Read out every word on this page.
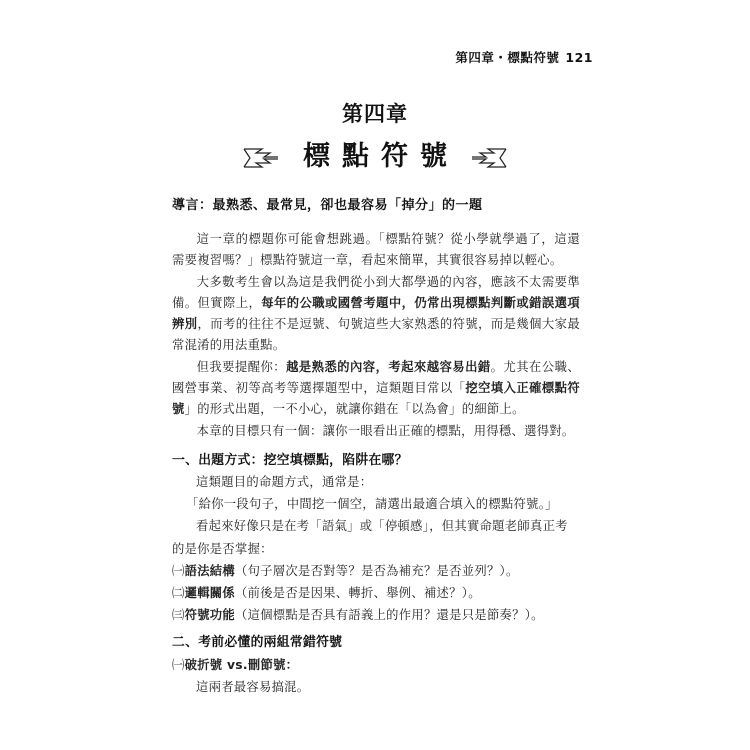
第四章・標點符號 121
第四章
標點符號
導言：最熟悉、最常見，卻也最容易「掉分」的一題

這一章的標題你可能會想跳過。「標點符號？從小學就學過了，這還需要複習嗎？」標點符號這一章，看起來簡單，其實很容易掉以輕心。

大多數考生會以為這是我們從小到大都學過的內容，應該不太需要準備。但實際上，每年的公職或國營考題中，仍常出現標點判斷或錯誤選項辨別，而考的往往不是逗號、句號這些大家熟悉的符號，而是幾個大家最常混淆的用法重點。

但我要提醒你：越是熟悉的內容，考起來越容易出錯。尤其在公職、國營事業、初等高考等選擇題型中，這類題目常以「挖空填入正確標點符號」的形式出題，一不小心，就讓你錯在「以為會」的細節上。

本章的目標只有一個：讓你一眼看出正確的標點，用得穩、選得對。

一、出題方式：挖空填標點，陷阱在哪？
這類題目的命題方式，通常是：
「給你一段句子，中間挖一個空，請選出最適合填入的標點符號。」
看起來好像只是在考「語氣」或「停頓感」，但其實命題老師真正考
的是你是否掌握：
㈠語法結構（句子層次是否對等？是否為補充？是否並列？）。
㈡邏輯關係（前後是否是因果、轉折、舉例、補述？）。
㈢符號功能（這個標點是否具有語義上的作用？還是只是節奏？）。
二、考前必懂的兩組常錯符號
㈠破折號 vs.刪節號：
這兩者最容易搞混。
